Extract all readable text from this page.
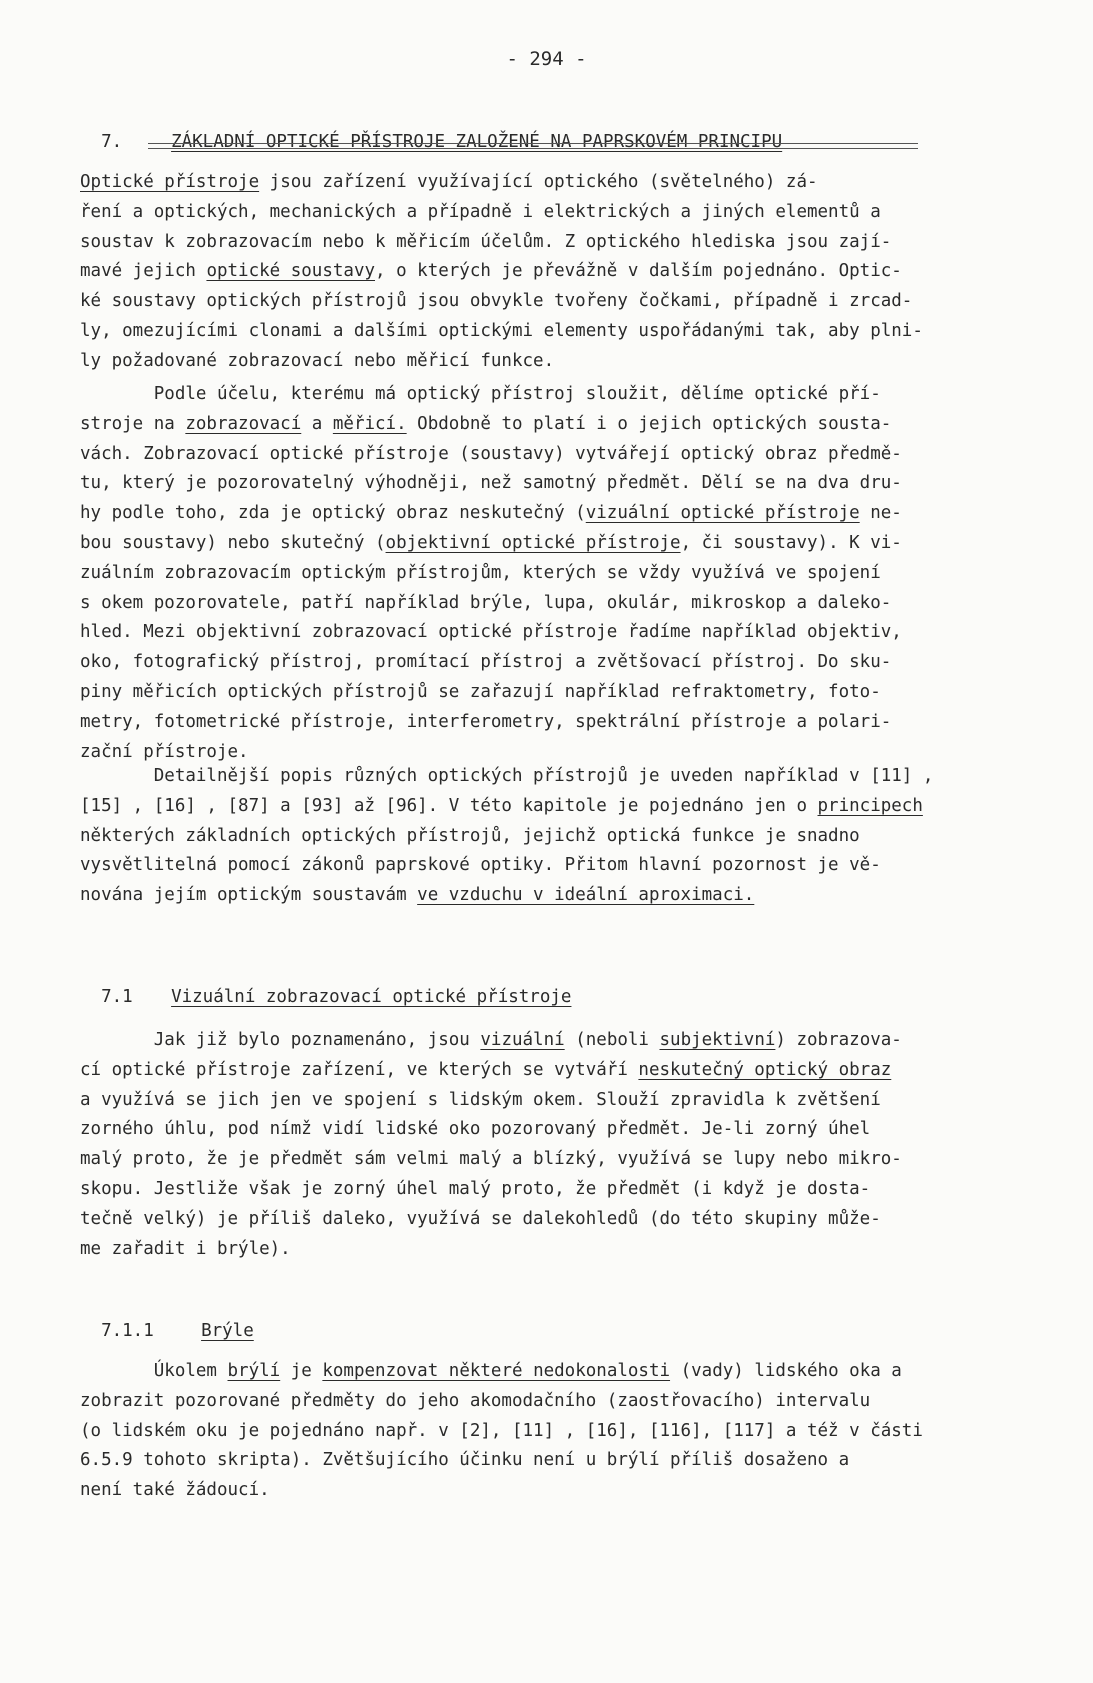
- 294 -

7.	ZÁKLADNÍ OPTICKÉ PŘÍSTROJE ZALOŽENÉ NA PAPRSKOVÉM PRINCIPU

Optické přístroje jsou zařízení využívající optického (světelného) zá-
ření a optických, mechanických a případně i elektrických a jiných elementů a
soustav k zobrazovacím nebo k měřicím účelům. Z optického hlediska jsou zají-
mavé jejich optické soustavy, o kterých je převážně v dalším pojednáno. Optic-
ké soustavy optických přístrojů jsou obvykle tvořeny čočkami, případně i zrcad-
ly, omezujícími clonami a dalšími optickými elementy uspořádanými tak, aby plni-
ly požadované zobrazovací nebo měřicí funkce.
Podle účelu, kterému má optický přístroj sloužit, dělíme optické pří-
stroje na zobrazovací a měřicí. Obdobně to platí i o jejich optických sousta-
vách. Zobrazovací optické přístroje (soustavy) vytvářejí optický obraz předmě-
tu, který je pozorovatelný výhodněji, než samotný předmět. Dělí se na dva dru-
hy podle toho, zda je optický obraz neskutečný (vizuální optické přístroje ne-
bou soustavy) nebo skutečný (objektivní optické přístroje, či soustavy). K vi-
zuálním zobrazovacím optickým přístrojům, kterých se vždy využívá ve spojení
s okem pozorovatele, patří například brýle, lupa, okulár, mikroskop a daleko-
hled. Mezi objektivní zobrazovací optické přístroje řadíme například objektiv,
oko, fotografický přístroj, promítací přístroj a zvětšovací přístroj. Do sku-
piny měřicích optických přístrojů se zařazují například refraktometry, foto-
metry, fotometrické přístroje, interferometry, spektrální přístroje a polari-
zační přístroje.
Detailnější popis různých optických přístrojů je uveden například v [11] ,
[15] , [16] , [87] a [93] až [96]. V této kapitole je pojednáno jen o principech
některých základních optických přístrojů, jejichž optická funkce je snadno
vysvětlitelná pomocí zákonů paprskové optiky. Přitom hlavní pozornost je vě-
nována jejím optickým soustavám ve vzduchu v ideální aproximaci.

7.1 Vizuální zobrazovací optické přístroje

Jak již bylo poznamenáno, jsou vizuální (neboli subjektivní) zobrazova-
cí optické přístroje zařízení, ve kterých se vytváří neskutečný optický obraz
a využívá se jich jen ve spojení s lidským okem. Slouží zpravidla k zvětšení
zorného úhlu, pod nímž vidí lidské oko pozorovaný předmět. Je-li zorný úhel
malý proto, že je předmět sám velmi malý a blízký, využívá se lupy nebo mikro-
skopu. Jestliže však je zorný úhel malý proto, že předmět (i když je dosta-
tečně velký) je příliš daleko, využívá se dalekohledů (do této skupiny může-
me zařadit i brýle).

7.1.1	Brýle

Úkolem brýlí je kompenzovat některé nedokonalosti (vady) lidského oka a
zobrazit pozorované předměty do jeho akomodačního (zaostřovacího) intervalu
(o lidském oku je pojednáno např. v [2], [11] , [16], [116], [117] a též v části
6.5.9 tohoto skripta). Zvětšujícího účinku není u brýlí příliš dosaženo a
není také žádoucí.
